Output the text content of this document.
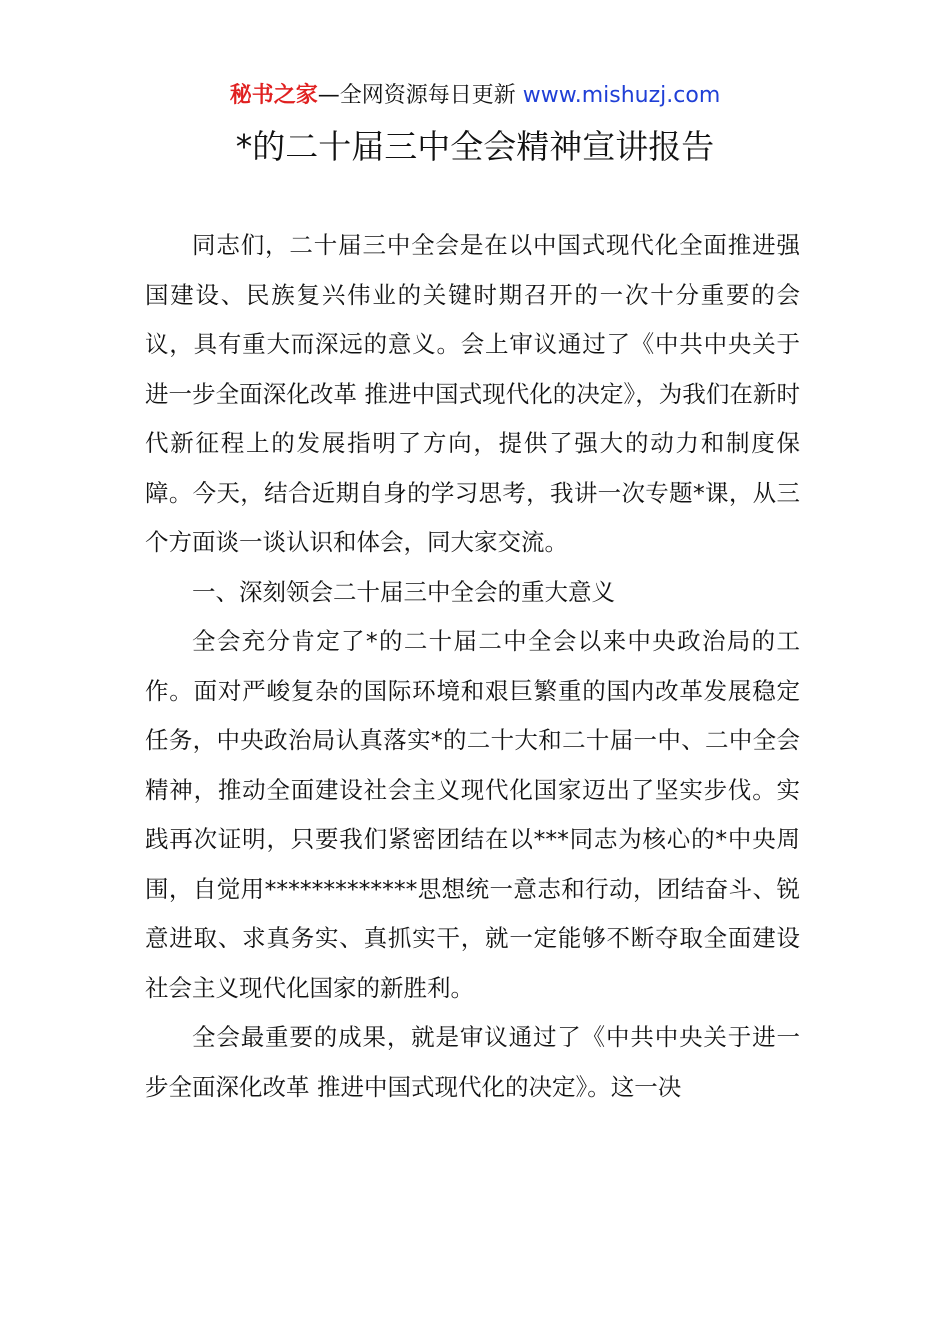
秘书之家—全网资源每日更新 www.mishuzj.com
*的二十届三中全会精神宣讲报告

同志们，二十届三中全会是在以中国式现代化全面推进强国建设、民族复兴伟业的关键时期召开的一次十分重要的会议，具有重大而深远的意义。会上审议通过了《中共中央关于进一步全面深化改革 推进中国式现代化的决定》，为我们在新时代新征程上的发展指明了方向，提供了强大的动力和制度保障。今天，结合近期自身的学习思考，我讲一次专题*课，从三个方面谈一谈认识和体会，同大家交流。

一、深刻领会二十届三中全会的重大意义

全会充分肯定了*的二十届二中全会以来中央政治局的工作。面对严峻复杂的国际环境和艰巨繁重的国内改革发展稳定任务，中央政治局认真落实*的二十大和二十届一中、二中全会精神，推动全面建设社会主义现代化国家迈出了坚实步伐。实践再次证明，只要我们紧密团结在以***同志为核心的*中央周围，自觉用*************思想统一意志和行动，团结奋斗、锐意进取、求真务实、真抓实干，就一定能够不断夺取全面建设社会主义现代化国家的新胜利。

全会最重要的成果，就是审议通过了《中共中央关于进一步全面深化改革 推进中国式现代化的决定》。这一决
